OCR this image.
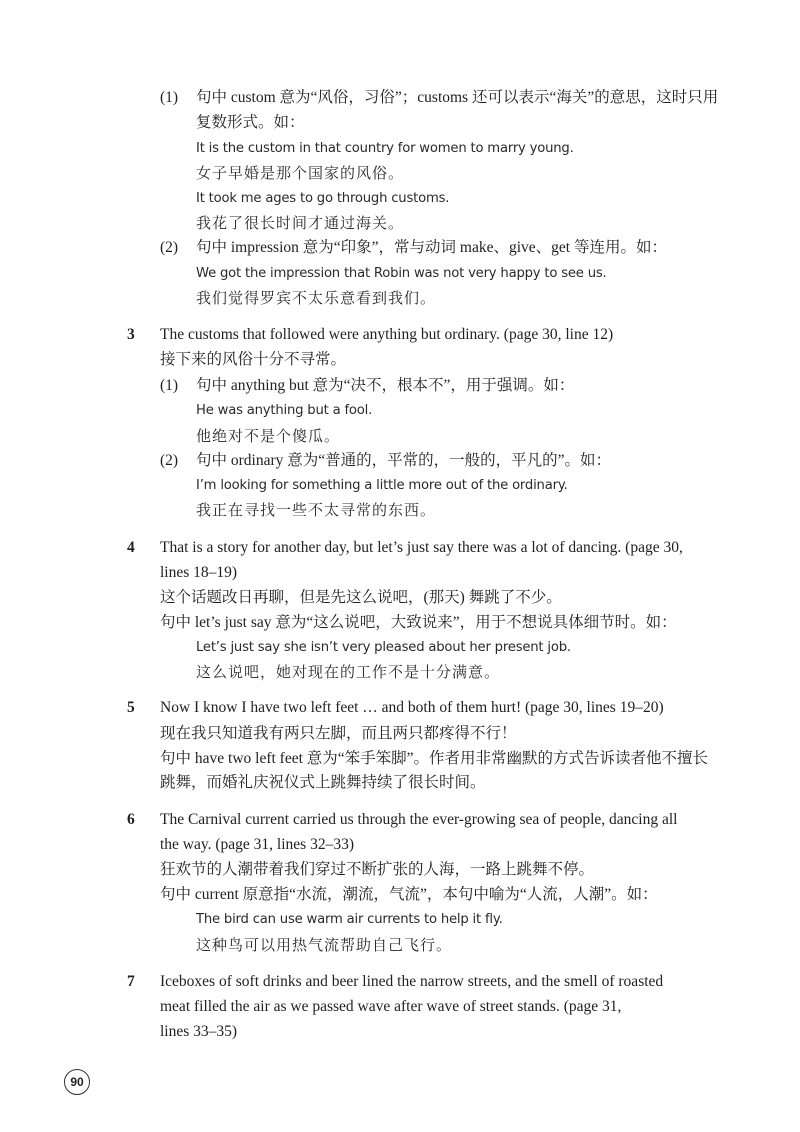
(1) 句中 custom 意为“风俗，习俗”；customs 还可以表示“海关”的意思，这时只用
复数形式。如：
It is the custom in that country for women to marry young.
女子早婚是那个国家的风俗。
It took me ages to go through customs.
我花了很长时间才通过海关。
(2) 句中 impression 意为“印象”，常与动词 make、give、get 等连用。如：
We got the impression that Robin was not very happy to see us.
我们觉得罗宾不太乐意看到我们。
3 The customs that followed were anything but ordinary. (page 30, line 12)
接下来的风俗十分不寻常。
(1) 句中 anything but 意为“决不，根本不”，用于强调。如：
He was anything but a fool.
他绝对不是个傻瓜。
(2) 句中 ordinary 意为“普通的，平常的，一般的，平凡的”。如：
I’m looking for something a little more out of the ordinary.
我正在寻找一些不太寻常的东西。
4 That is a story for another day, but let’s just say there was a lot of dancing. (page 30,
lines 18–19)
这个话题改日再聊，但是先这么说吧，(那天) 舞跳了不少。
句中 let’s just say 意为“这么说吧，大致说来”，用于不想说具体细节时。如：
Let’s just say she isn’t very pleased about her present job.
这么说吧，她对现在的工作不是十分满意。
5 Now I know I have two left feet … and both of them hurt! (page 30, lines 19–20)
现在我只知道我有两只左脚，而且两只都疼得不行！
句中 have two left feet 意为“笨手笨脚”。作者用非常幽默的方式告诉读者他不擅长
跳舞，而婚礼庆祝仪式上跳舞持续了很长时间。
6 The Carnival current carried us through the ever-growing sea of people, dancing all
the way. (page 31, lines 32–33)
狂欢节的人潮带着我们穿过不断扩张的人海，一路上跳舞不停。
句中 current 原意指“水流，潮流，气流”，本句中喻为“人流，人潮”。如：
The bird can use warm air currents to help it fly.
这种鸟可以用热气流帮助自己飞行。
7 Iceboxes of soft drinks and beer lined the narrow streets, and the smell of roasted
meat filled the air as we passed wave after wave of street stands. (page 31,
lines 33–35)
90
